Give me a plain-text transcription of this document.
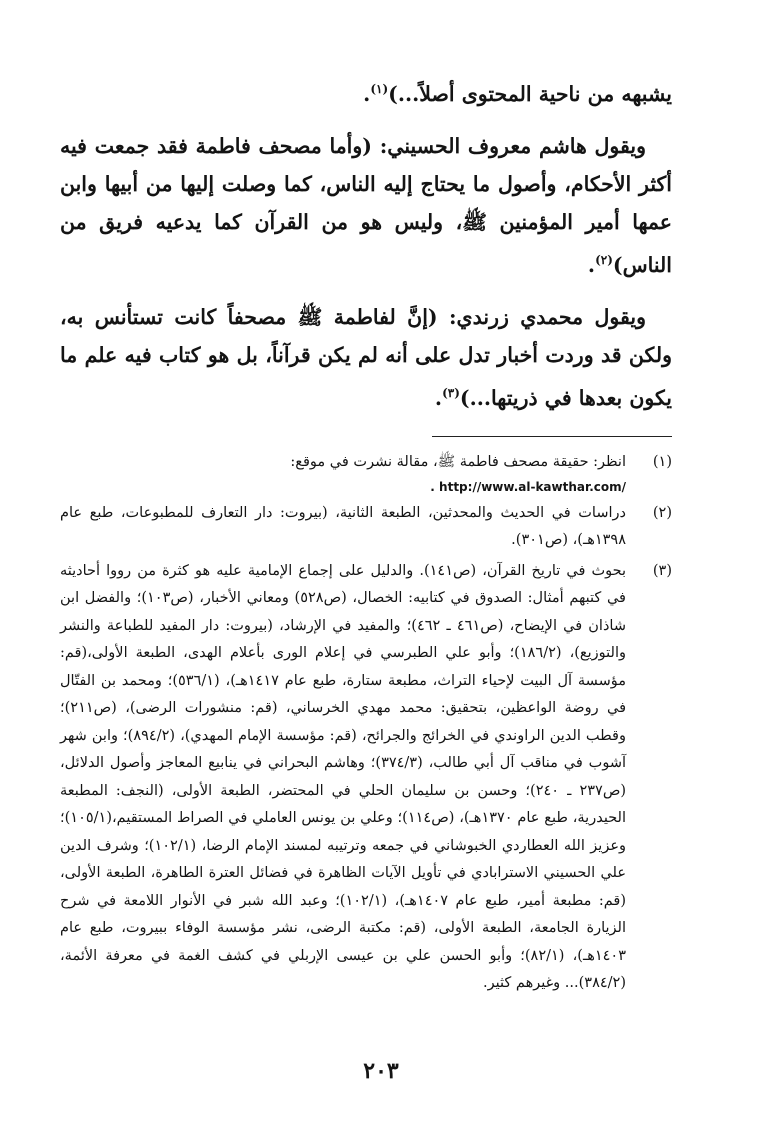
يشبهه من ناحية المحتوى أصلاً...)$^{(١)}$.

ويقول هاشم معروف الحسيني: (وأما مصحف فاطمة فقد جمعت فيه أكثر الأحكام، وأصول ما يحتاج إليه الناس، كما وصلت إليها من أبيها وابن عمها أمير المؤمنين ﷺ، وليس هو من القرآن كما يدعيه فريق من الناس)$^{(٢)}$.

ويقول محمدي زرندي: (إنَّ لفاطمة ﷺ مصحفاً كانت تستأنس به، ولكن قد وردت أخبار تدل على أنه لم يكن قرآناً، بل هو كتاب فيه علم ما يكون بعدها في ذريتها...)$^{(٣)}$.

(١)
انظر: حقيقة مصحف فاطمة ﷺ، مقالة نشرت في موقع:
. http://www.al-kawthar.com/
(٢)
دراسات في الحديث والمحدثين، الطبعة الثانية، (بيروت: دار التعارف للمطبوعات، طبع عام ١٣٩٨هـ)، (ص٣٠١).
(٣)
بحوث في تاريخ القرآن، (ص١٤١). والدليل على إجماع الإمامية عليه هو كثرة من رووا أحاديثه في كتبهم أمثال: الصدوق في كتابيه: الخصال، (ص٥٢٨) ومعاني الأخبار، (ص١٠٣)؛ والفضل ابن شاذان في الإيضاح، (ص٤٦١ ـ ٤٦٢)؛ والمفيد في الإرشاد، (بيروت: دار المفيد للطباعة والنشر والتوزيع)، (١٨٦/٢)؛ وأبو علي الطبرسي في إعلام الورى بأعلام الهدى، الطبعة الأولى،(قم: مؤسسة آل البيت لإحياء التراث، مطبعة ستارة، طبع عام ١٤١٧هـ)، (٥٣٦/١)؛ ومحمد بن الفتّال في روضة الواعظين، بتحقيق: محمد مهدي الخرساني، (قم: منشورات الرضى)، (ص٢١١)؛ وقطب الدين الراوندي في الخرائج والجرائح، (قم: مؤسسة الإمام المهدي)، (٨٩٤/٢)؛ وابن شهر آشوب في مناقب آل أبي طالب، (٣٧٤/٣)؛ وهاشم البحراني في ينابيع المعاجز وأصول الدلائل، (ص٢٣٧ ـ ٢٤٠)؛ وحسن بن سليمان الحلي في المحتضر، الطبعة الأولى، (النجف: المطبعة الحيدرية، طبع عام ١٣٧٠هـ)، (ص١١٤)؛ وعلي بن يونس العاملي في الصراط المستقيم،(١٠٥/١)؛ وعزيز الله العطاردي الخبوشاني في جمعه وترتيبه لمسند الإمام الرضا، (١٠٢/١)؛ وشرف الدين علي الحسيني الاسترابادي في تأويل الآيات الظاهرة في فضائل العترة الطاهرة، الطبعة الأولى،(قم: مطبعة أمير، طبع عام ١٤٠٧هـ)، (١٠٢/١)؛ وعبد الله شبر في الأنوار اللامعة في شرح الزيارة الجامعة، الطبعة الأولى، (قم: مكتبة الرضى، نشر مؤسسة الوفاء ببيروت، طبع عام ١٤٠٣هـ)، (٨٢/١)؛ وأبو الحسن علي بن عيسى الإربلي في كشف الغمة في معرفة الأئمة، (٣٨٤/٢)... وغيرهم كثير.
٢٠٣
